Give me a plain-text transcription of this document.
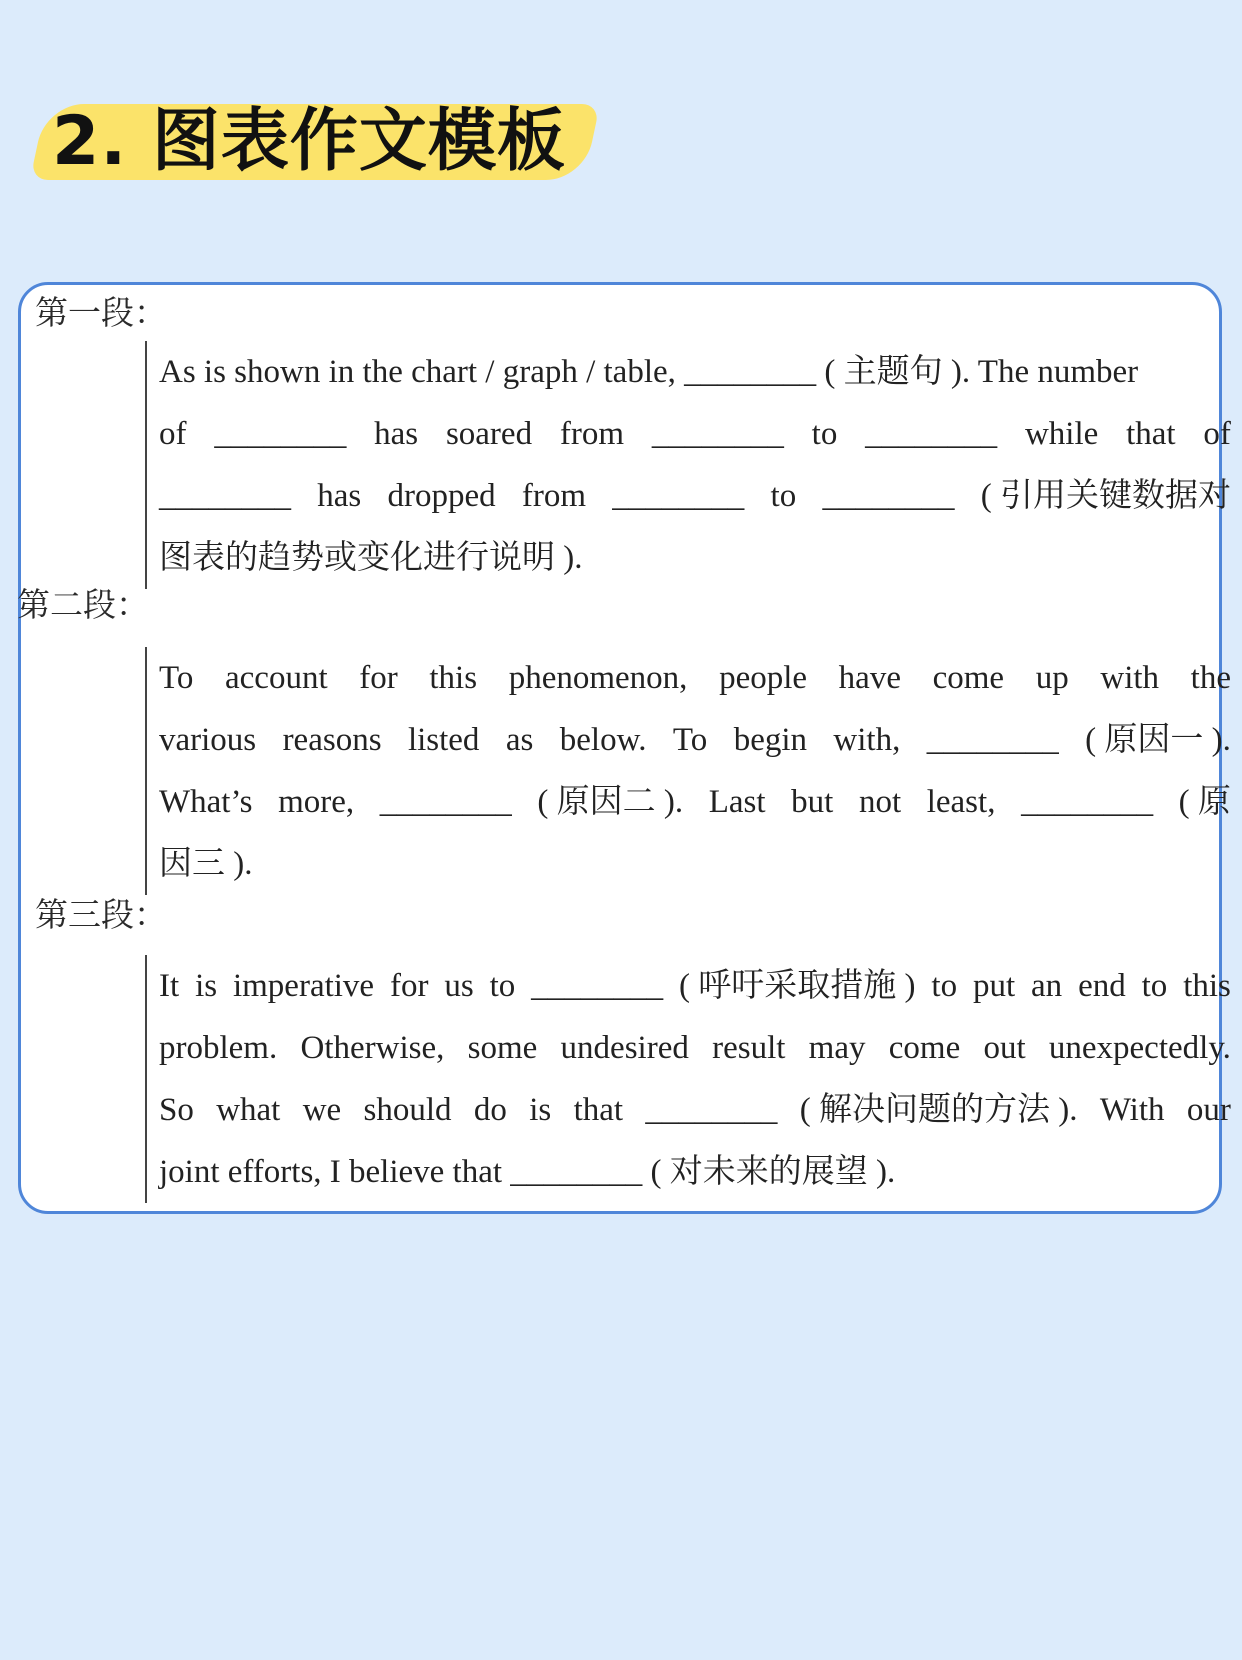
2. 图表作文模板
第一段：
As is shown in the chart / graph / table, ________ ( 主题句 ). The number
of ________ has soared from ________ to ________ while that of
________ has dropped from ________ to ________ ( 引用关键数据对
图表的趋势或变化进行说明 ).
第二段：
To account for this phenomenon, people have come up with the
various reasons listed as below. To begin with, ________ ( 原因一 ).
What’s more, ________ ( 原因二 ). Last but not least, ________ ( 原
因三 ).
第三段：
It is imperative for us to ________ ( 呼吁采取措施 ) to put an end to this
problem. Otherwise, some undesired result may come out unexpectedly.
So what we should do is that ________ ( 解决问题的方法 ). With our
joint efforts, I believe that ________ ( 对未来的展望 ).
